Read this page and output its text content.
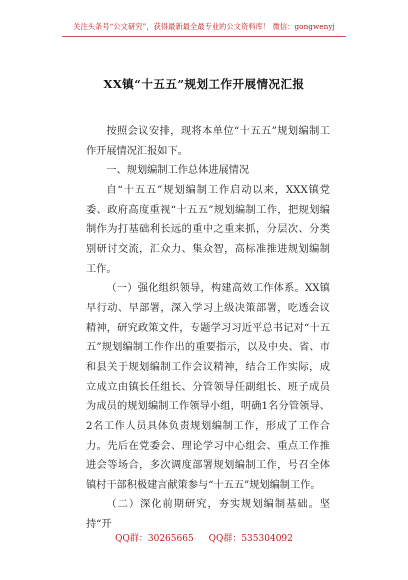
关注头条号“公文研究”，获得最新最全最专业的公文资料库！ 微信：gongwenyj
XX镇“十五五”规划工作开展情况汇报

按照会议安排，现将本单位“十五五”规划编制工作开展情况汇报如下。

一、规划编制工作总体进展情况

自“十五五”规划编制工作启动以来，XXX镇党委、政府高度重视“十五五”规划编制工作，把规划编制作为打基础利长远的重中之重来抓，分层次、分类别研讨交流，汇众力、集众智，高标准推进规划编制工作。

（一）强化组织领导，构建高效工作体系。XX镇早行动、早部署，深入学习上级决策部署，吃透会议精神，研究政策文件，专题学习习近平总书记对“十五五”规划编制工作作出的重要指示，以及中央、省、市和县关于规划编制工作会议精神，结合工作实际，成立成立由镇长任组长、分管领导任副组长、班子成员为成员的规划编制工作领导小组，明确1名分管领导、2名工作人员具体负责规划编制工作，形成了工作合力。先后在党委会、理论学习中心组会、重点工作推进会等场合，多次调度部署规划编制工作，号召全体镇村干部积极建言献策参与“十五五”规划编制工作。

（二）深化前期研究，夯实规划编制基础。坚持“开

QQ群：30265665 QQ群：535304092
